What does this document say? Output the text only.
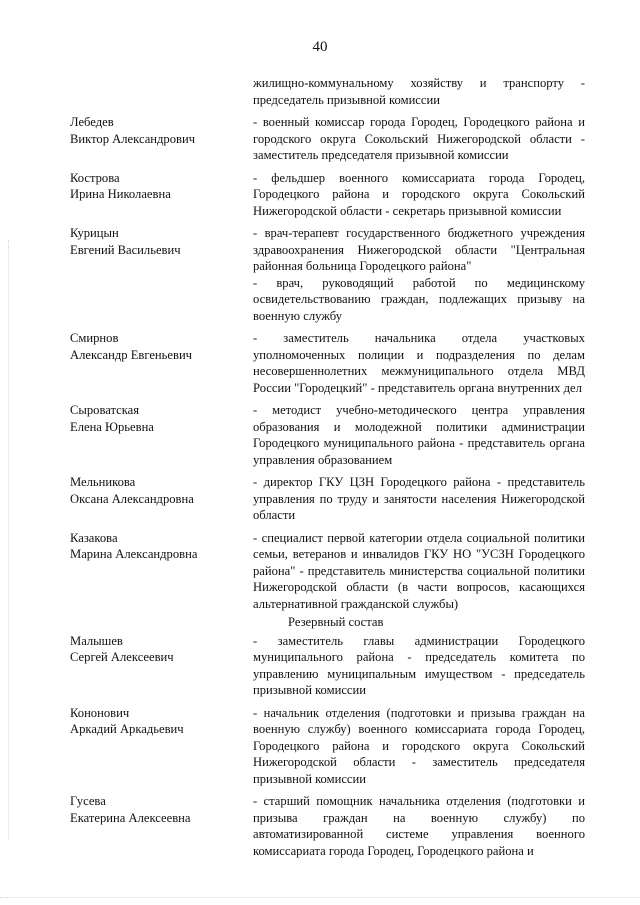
40

жилищно-коммунальному хозяйству и транспорту - председатель призывной комиссии

Лебедев
Виктор Александрович

- военный комиссар города Городец, Городецкого района и городского округа Сокольский Нижегородской области - заместитель председателя призывной комиссии

Кострова
Ирина Николаевна

- фельдшер военного комиссариата города Городец, Городецкого района и городского округа Сокольский Нижегородской области - секретарь призывной комиссии

Курицын
Евгений Васильевич

- врач-терапевт государственного бюджетного учреждения здравоохранения Нижегородской области "Центральная районная больница Городецкого района"

- врач, руководящий работой по медицинскому освидетельствованию граждан, подлежащих призыву на военную службу

Смирнов
Александр Евгеньевич

- заместитель начальника отдела участковых уполномоченных полиции и подразделения по делам несовершеннолетних межмуниципального отдела МВД России "Городецкий" - представитель органа внутренних дел

Сыроватская
Елена Юрьевна

- методист учебно-методического центра управления образования и молодежной политики администрации Городецкого муниципального района - представитель органа управления образованием

Мельникова
Оксана Александровна

- директор ГКУ ЦЗН Городецкого района - представитель управления по труду и занятости населения Нижегородской области

Казакова
Марина Александровна

- специалист первой категории отдела социальной политики семьи, ветеранов и инвалидов ГКУ НО "УСЗН Городецкого района" - представитель министерства социальной политики Нижегородской области (в части вопросов, касающихся альтернативной гражданской службы)

Резервный состав
Малышев
Сергей Алексеевич

- заместитель главы администрации Городецкого муниципального района - председатель комитета по управлению муниципальным имуществом - председатель призывной комиссии

Кононович
Аркадий Аркадьевич

- начальник отделения (подготовки и призыва граждан на военную службу) военного комиссариата города Городец, Городецкого района и городского округа Сокольский Нижегородской области - заместитель председателя призывной комиссии

Гусева
Екатерина Алексеевна

- старший помощник начальника отделения (подготовки и призыва граждан на военную службу) по автоматизированной системе управления военного комиссариата города Городец, Городецкого района и
